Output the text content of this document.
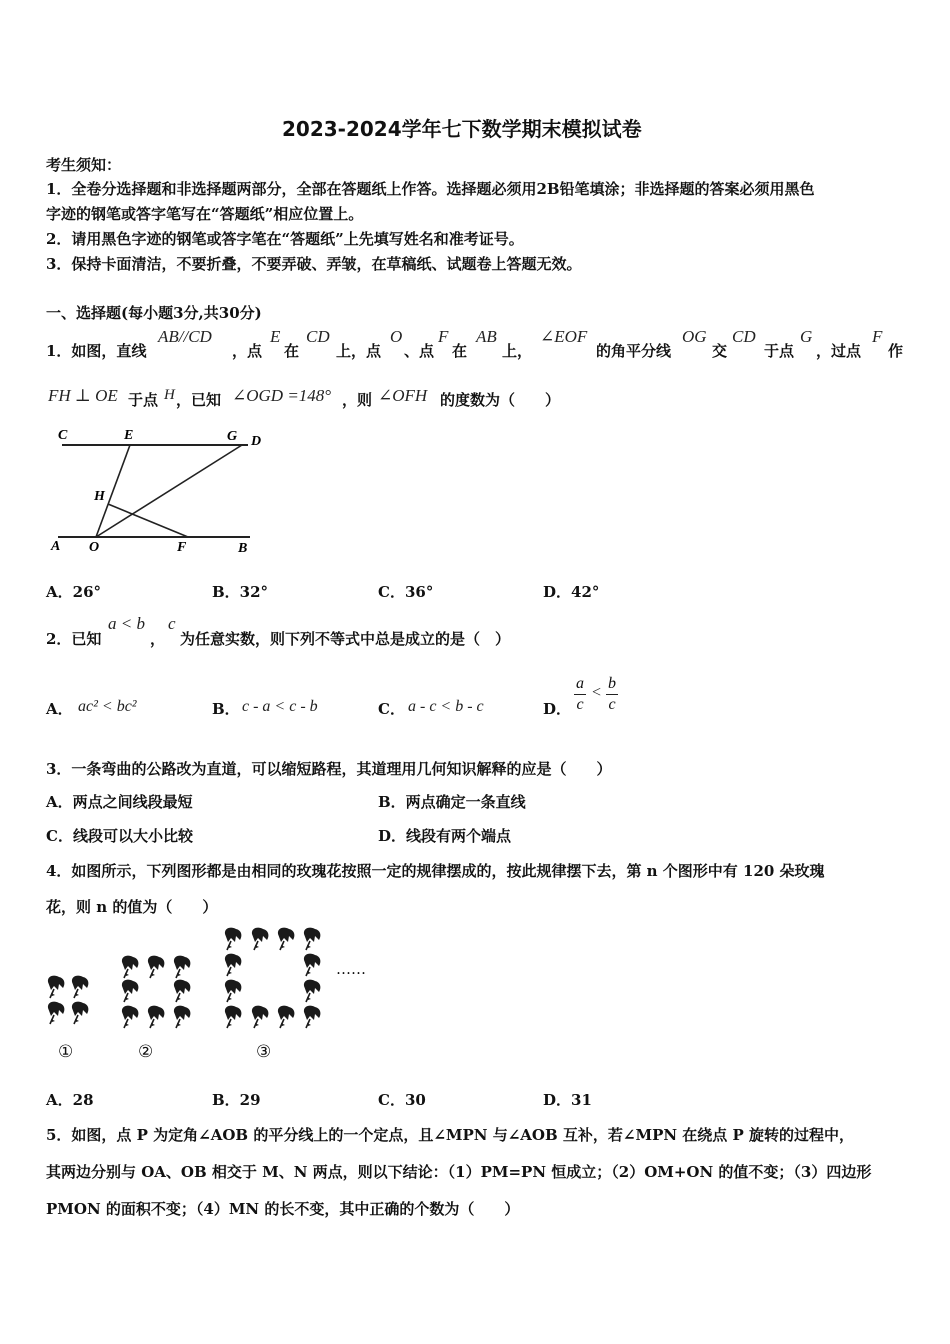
2023-2024学年七下数学期末模拟试卷
考生须知：
1．全卷分选择题和非选择题两部分，全部在答题纸上作答。选择题必须用2B铅笔填涂；非选择题的答案必须用黑色
字迹的钢笔或答字笔写在“答题纸”相应位置上。
2．请用黑色字迹的钢笔或答字笔在“答题纸”上先填写姓名和准考证号。
3．保持卡面清洁，不要折叠，不要弄破、弄皱，在草稿纸、试题卷上答题无效。
一、选择题(每小题3分,共30分)
1．如图，直线
AB//CD
，点
E
在
CD
上，点
O
、点
F
在
AB
上，
∠EOF
的角平分线
OG
交
CD
于点
G
，过点
F
作
FH ⊥ OE 于点 H ，已知 ∠OGD =148° ，则 ∠OFH 的度数为（　　）
C	E	G D
H
A O	F	B
A．26°	B．32°	C．36°	D．42°
2．已知
a < b
，
c
为任意实数，则下列不等式中总是成立的是（　）
A． ac² < bc²	B． c - a < c - b	C． a - c < b - c	D． $\frac{a}{c} < \frac{b}{c}$
3．一条弯曲的公路改为直道，可以缩短路程，其道理用几何知识解释的应是（　　）
A．两点之间线段最短	B．两点确定一条直线
C．线段可以大小比较	D．线段有两个端点
4．如图所示，下列图形都是由相同的玫瑰花按照一定的规律摆成的，按此规律摆下去，第 n 个图形中有 120 朵玫瑰
花，则 n 的值为（　　）
……
①	②	③
A．28	B．29	C．30	D．31
5．如图，点 P 为定角∠AOB 的平分线上的一个定点，且∠MPN 与∠AOB 互补，若∠MPN 在绕点 P 旋转的过程中，
其两边分别与 OA、OB 相交于 M、N 两点，则以下结论：（1）PM=PN 恒成立；（2）OM+ON 的值不变；（3）四边形
PMON 的面积不变；（4）MN 的长不变，其中正确的个数为（　　）
